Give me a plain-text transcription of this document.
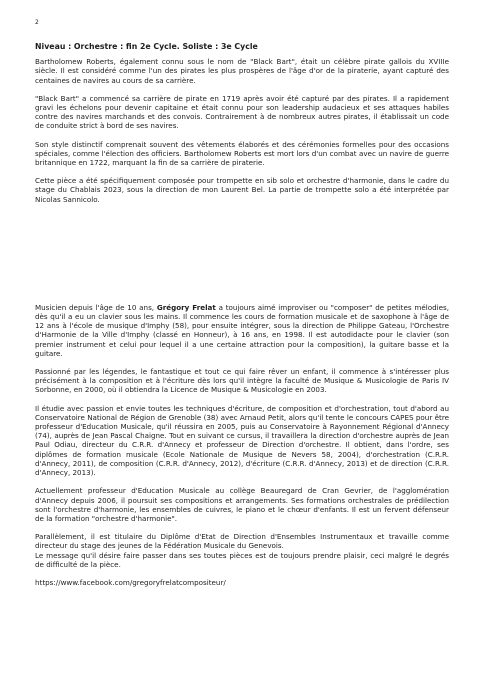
2
Niveau : Orchestre : fin 2e Cycle. Soliste : 3e Cycle

Bartholomew Roberts, également connu sous le nom de "Black Bart", était un célèbre pirate gallois du XVIIIe siècle. Il est considéré comme l'un des pirates les plus prospères de l'âge d'or de la piraterie, ayant capturé des centaines de navires au cours de sa carrière.

"Black Bart" a commencé sa carrière de pirate en 1719 après avoir été capturé par des pirates. Il a rapidement gravi les échelons pour devenir capitaine et était connu pour son leadership audacieux et ses attaques habiles contre des navires marchands et des convois. Contrairement à de nombreux autres pirates, il établissait un code de conduite strict à bord de ses navires.

Son style distinctif comprenait souvent des vêtements élaborés et des cérémonies formelles pour des occasions spéciales, comme l'élection des officiers. Bartholomew Roberts est mort lors d'un combat avec un navire de guerre britannique en 1722, marquant la fin de sa carrière de piraterie.

Cette pièce a été spécifiquement composée pour trompette en sib solo et orchestre d'harmonie, dans le cadre du stage du Chablais 2023, sous la direction de mon Laurent Bel. La partie de trompette solo a été interprétée par Nicolas Sannicolo.

Musicien depuis l'âge de 10 ans, Grégory Frelat a toujours aimé improviser ou "composer" de petites mélodies, dès qu'il a eu un clavier sous les mains. Il commence les cours de formation musicale et de saxophone à l'âge de 12 ans à l'école de musique d'Imphy (58), pour ensuite intégrer, sous la direction de Philippe Gateau, l'Orchestre d'Harmonie de la Ville d'Imphy (classé en Honneur), à 16 ans, en 1998. Il est autodidacte pour le clavier (son premier instrument et celui pour lequel il a une certaine attraction pour la composition), la guitare basse et la guitare.

Passionné par les légendes, le fantastique et tout ce qui faire rêver un enfant, il commence à s'intéresser plus précisément à la composition et à l'écriture dès lors qu'il intègre la faculté de Musique & Musicologie de Paris IV Sorbonne, en 2000, où il obtiendra la Licence de Musique & Musicologie en 2003.

Il étudie avec passion et envie toutes les techniques d'écriture, de composition et d'orchestration, tout d'abord au Conservatoire National de Région de Grenoble (38) avec Arnaud Petit, alors qu'il tente le concours CAPES pour être professeur d'Education Musicale, qu'il réussira en 2005, puis au Conservatoire à Rayonnement Régional d'Annecy (74), auprès de Jean Pascal Chaigne. Tout en suivant ce cursus, il travaillera la direction d'orchestre auprès de Jean Paul Odiau, directeur du C.R.R. d'Annecy et professeur de Direction d'orchestre. Il obtient, dans l'ordre, ses diplômes de formation musicale (Ecole Nationale de Musique de Nevers 58, 2004), d'orchestration (C.R.R. d'Annecy, 2011), de composition (C.R.R. d'Annecy, 2012), d'écriture (C.R.R. d'Annecy, 2013) et de direction (C.R.R. d'Annecy, 2013).

Actuellement professeur d'Education Musicale au collège Beauregard de Cran Gevrier, de l'agglomération d'Annecy depuis 2006, il poursuit ses compositions et arrangements. Ses formations orchestrales de prédilection sont l'orchestre d'harmonie, les ensembles de cuivres, le piano et le chœur d'enfants. Il est un fervent défenseur de la formation "orchestre d'harmonie".

Parallèlement, il est titulaire du Diplôme d'Etat de Direction d'Ensembles Instrumentaux et travaille comme directeur du stage des jeunes de la Fédération Musicale du Genevois.
Le message qu'il désire faire passer dans ses toutes pièces est de toujours prendre plaisir, ceci malgré le degrés de difficulté de la pièce.

https://www.facebook.com/gregoryfrelatcompositeur/
